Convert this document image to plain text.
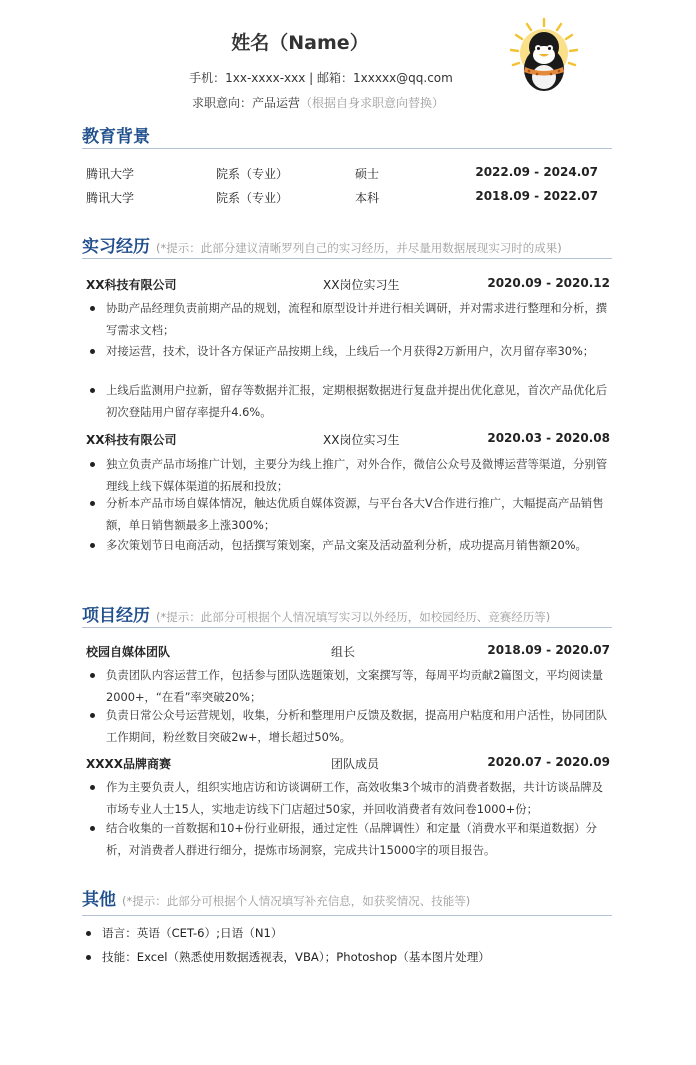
姓名（Name）
手机：1xx-xxxx-xxx | 邮箱：1xxxxx@qq.com
求职意向：产品运营（根据自身求职意向替换）
教育背景
腾讯大学	院系（专业）	硕士	2022.09 - 2024.07
腾讯大学	院系（专业）	本科	2018.09 - 2022.07
实习经历 (*提示：此部分建议清晰罗列自己的实习经历，并尽量用数据展现实习时的成果)
XX科技有限公司	XX岗位实习生	2020.09 - 2020.12
协助产品经理负责前期产品的规划，流程和原型设计并进行相关调研，并对需求进行整理和分析，撰写需求文档；
对接运营，技术，设计各方保证产品按期上线，上线后一个月获得2万新用户，次月留存率30%；
上线后监测用户拉新，留存等数据并汇报，定期根据数据进行复盘并提出优化意见，首次产品优化后初次登陆用户留存率提升4.6%。
XX科技有限公司	XX岗位实习生	2020.03 - 2020.08
独立负责产品市场推广计划，主要分为线上推广，对外合作，微信公众号及微博运营等渠道，分别管理线上线下媒体渠道的拓展和投放；
分析本产品市场自媒体情况，触达优质自媒体资源，与平台各大V合作进行推广，大幅提高产品销售额，单日销售额最多上涨300%；
多次策划节日电商活动，包括撰写策划案，产品文案及活动盈利分析，成功提高月销售额20%。
项目经历 (*提示：此部分可根据个人情况填写实习以外经历，如校园经历、竞赛经历等)
校园自媒体团队	组长	2018.09 - 2020.07
负责团队内容运营工作，包括参与团队选题策划，文案撰写等，每周平均贡献2篇图文，平均阅读量2000+，“在看”率突破20%；
负责日常公众号运营规划，收集，分析和整理用户反馈及数据，提高用户粘度和用户活性，协同团队工作期间，粉丝数目突破2w+，增长超过50%。
XXXX品牌商赛	团队成员	2020.07 - 2020.09
作为主要负责人，组织实地店访和访谈调研工作，高效收集3个城市的消费者数据，共计访谈品牌及市场专业人士15人，实地走访线下门店超过50家，并回收消费者有效问卷1000+份；
结合收集的一首数据和10+份行业研报，通过定性（品牌调性）和定量（消费水平和渠道数据）分析，对消费者人群进行细分，提炼市场洞察，完成共计15000字的项目报告。
其他 (*提示：此部分可根据个人情况填写补充信息，如获奖情况、技能等)
语言：英语（CET-6）;日语（N1）
技能：Excel（熟悉使用数据透视表，VBA）；Photoshop（基本图片处理）
